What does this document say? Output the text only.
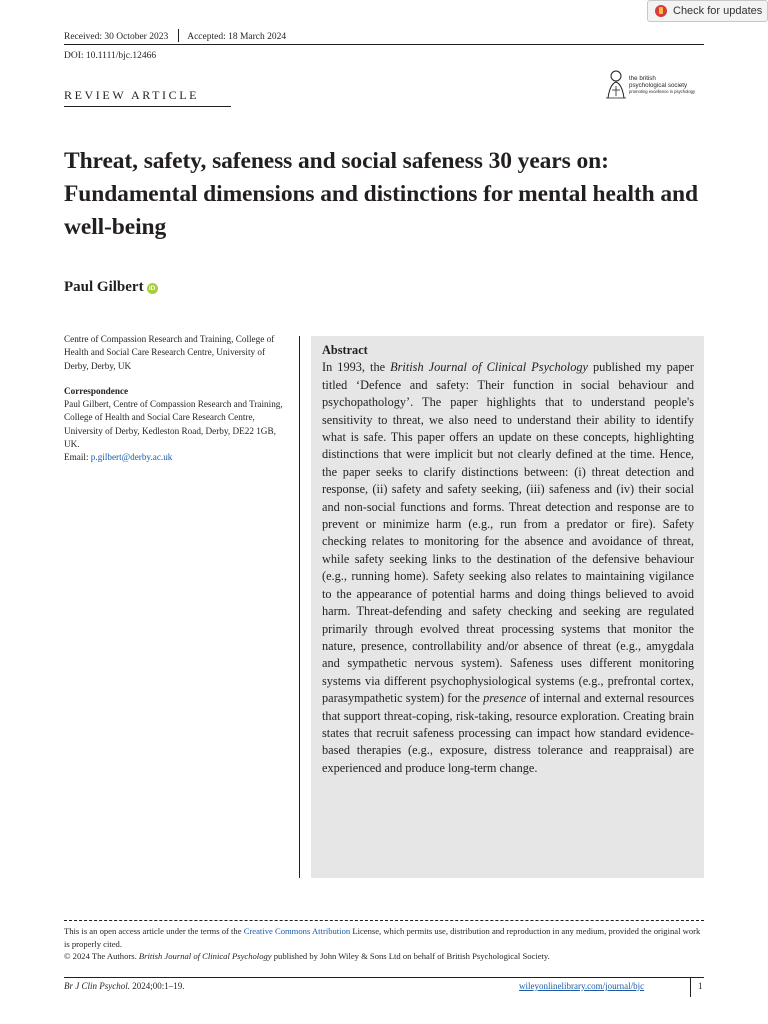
Check for updates
Received: 30 October 2023 Accepted: 18 March 2024
DOI: 10.1111/bjc.12466
REVIEW ARTICLE
the british
psychological society
promoting excellence in psychology
Threat, safety, safeness and social safeness 30 years on: Fundamental dimensions and distinctions for mental health and well-being
Paul Gilbert iD
Centre of Compassion Research and Training, College of Health and Social Care Research Centre, University of Derby, Derby, UK
Correspondence
Paul Gilbert, Centre of Compassion Research and Training, College of Health and Social Care Research Centre, University of Derby, Kedleston Road, Derby, DE22 1GB, UK.
Email: p.gilbert@derby.ac.uk
Abstract
In 1993, the British Journal of Clinical Psychology published my paper titled ‘Defence and safety: Their function in social behaviour and psychopathology’. The paper highlights that to understand people's sensitivity to threat, we also need to understand their ability to identify what is safe. This paper offers an update on these concepts, highlighting distinctions that were implicit but not clearly defined at the time. Hence, the paper seeks to clarify distinctions between: (i) threat detection and response, (ii) safety and safety seeking, (iii) safeness and (iv) their social and non-social functions and forms. Threat detection and response are to prevent or minimize harm (e.g., run from a predator or fire). Safety checking relates to monitoring for the absence and avoidance of threat, while safety seeking links to the destination of the defensive behaviour (e.g., running home). Safety seeking also relates to maintaining vigilance to the appearance of potential harms and doing things believed to avoid harm. Threat-defending and safety checking and seeking are regulated primarily through evolved threat processing systems that monitor the nature, presence, controllability and/or absence of threat (e.g., amygdala and sympathetic nervous system). Safeness uses different monitoring systems via different psychophysiological systems (e.g., prefrontal cortex, parasympathetic system) for the presence of internal and external resources that support threat-coping, risk-taking, resource exploration. Creating brain states that recruit safeness processing can impact how standard evidence-based therapies (e.g., exposure, distress tolerance and reappraisal) are experienced and produce long-term change.
This is an open access article under the terms of the Creative Commons Attribution License, which permits use, distribution and reproduction in any medium, provided the original work is properly cited.
© 2024 The Authors. British Journal of Clinical Psychology published by John Wiley & Sons Ltd on behalf of British Psychological Society.
Br J Clin Psychol. 2024;00:1–19.	wileyonlinelibrary.com/journal/bjc	1
